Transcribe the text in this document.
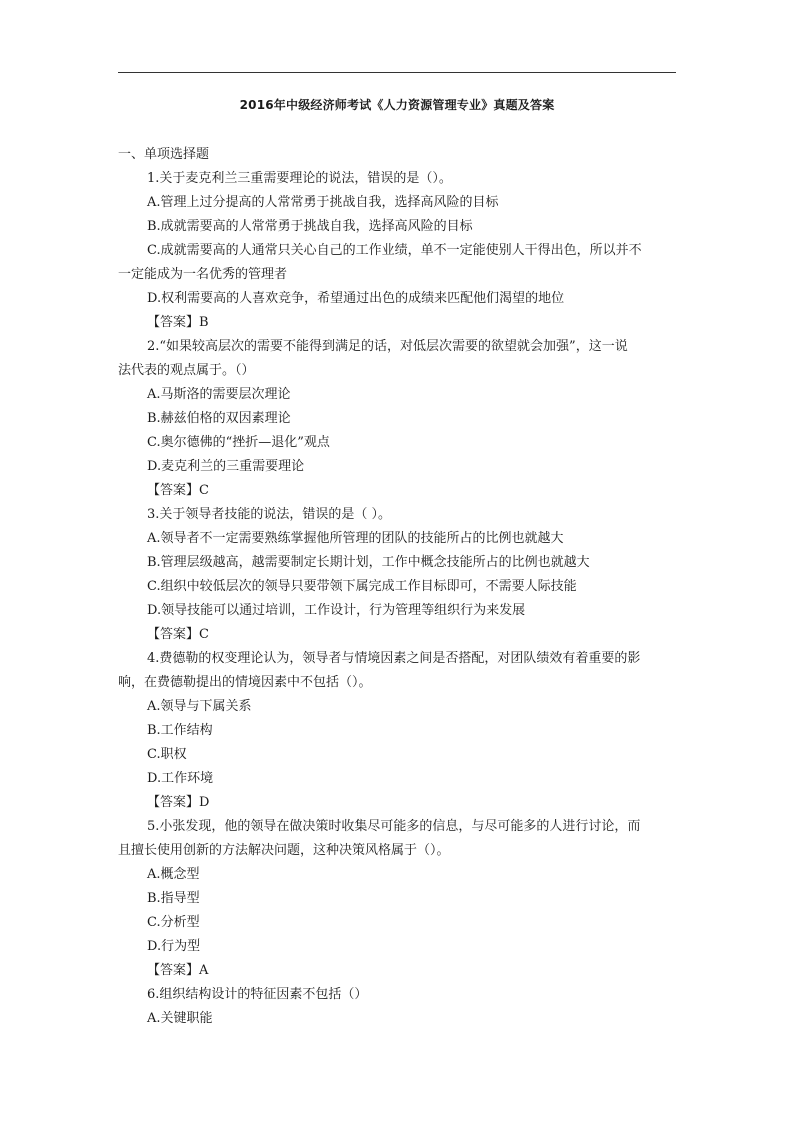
2016年中级经济师考试《人力资源管理专业》真题及答案
一、单项选择题
1.关于麦克利兰三重需要理论的说法，错误的是（）。
A.管理上过分提高的人常常勇于挑战自我，选择高风险的目标
B.成就需要高的人常常勇于挑战自我，选择高风险的目标
C.成就需要高的人通常只关心自己的工作业绩，单不一定能使别人干得出色，所以并不
一定能成为一名优秀的管理者
D.权利需要高的人喜欢竞争，希望通过出色的成绩来匹配他们渴望的地位
【答案】B
2.“如果较高层次的需要不能得到满足的话，对低层次需要的欲望就会加强”，这一说
法代表的观点属于。（）
A.马斯洛的需要层次理论
B.赫兹伯格的双因素理论
C.奥尔德佛的“挫折—退化”观点
D.麦克利兰的三重需要理论
【答案】C
3.关于领导者技能的说法，错误的是（ ）。
A.领导者不一定需要熟练掌握他所管理的团队的技能所占的比例也就越大
B.管理层级越高，越需要制定长期计划，工作中概念技能所占的比例也就越大
C.组织中较低层次的领导只要带领下属完成工作目标即可，不需要人际技能
D.领导技能可以通过培训，工作设计，行为管理等组织行为来发展
【答案】C
4.费德勒的权变理论认为，领导者与情境因素之间是否搭配，对团队绩效有着重要的影
响，在费德勒提出的情境因素中不包括（）。
A.领导与下属关系
B.工作结构
C.职权
D.工作环境
【答案】D
5.小张发现，他的领导在做决策时收集尽可能多的信息，与尽可能多的人进行讨论，而
且擅长使用创新的方法解决问题，这种决策风格属于（）。
A.概念型
B.指导型
C.分析型
D.行为型
【答案】A
6.组织结构设计的特征因素不包括（）
A.关键职能
